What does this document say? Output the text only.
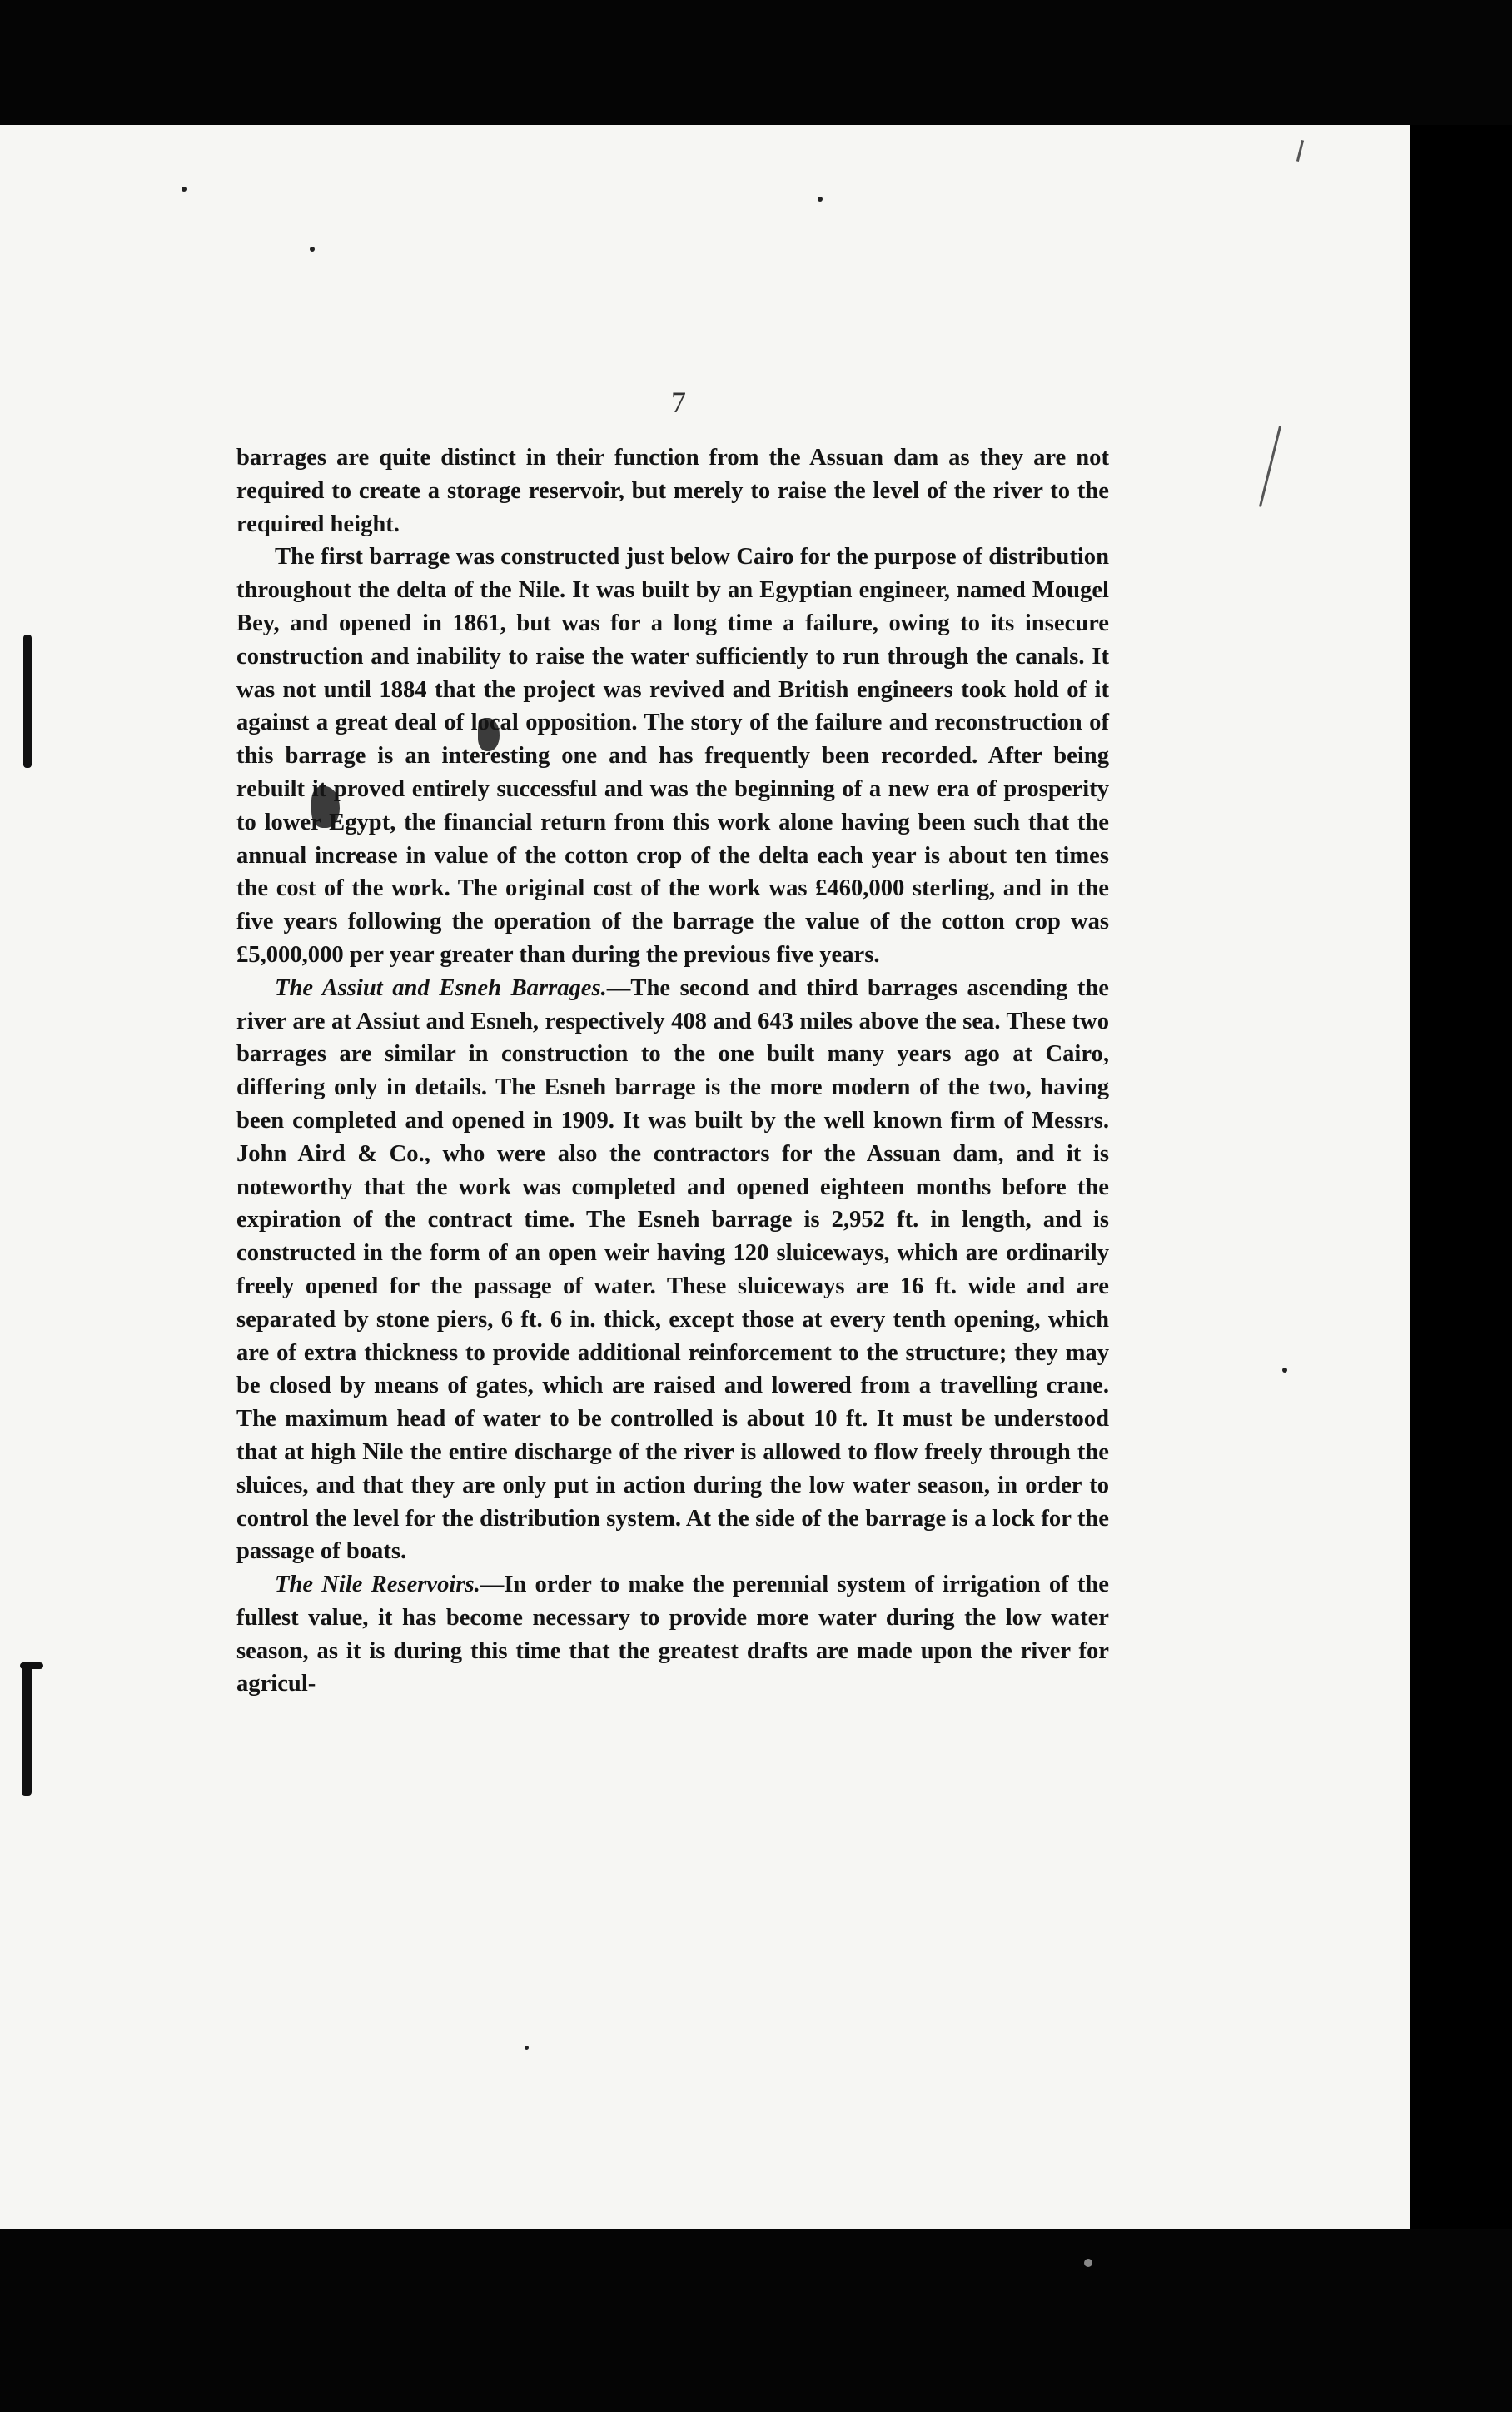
7

barrages are quite distinct in their function from the Assuan dam as they are not required to create a storage reservoir, but merely to raise the level of the river to the required height.

The first barrage was constructed just below Cairo for the purpose of distribution throughout the delta of the Nile. It was built by an Egyptian engineer, named Mougel Bey, and opened in 1861, but was for a long time a failure, owing to its insecure construction and inability to raise the water sufficiently to run through the canals. It was not until 1884 that the project was revived and British engineers took hold of it against a great deal of local opposition. The story of the failure and reconstruction of this barrage is an interesting one and has frequently been recorded. After being rebuilt it proved entirely successful and was the beginning of a new era of prosperity to lower Egypt, the financial return from this work alone having been such that the annual increase in value of the cotton crop of the delta each year is about ten times the cost of the work. The original cost of the work was £460,000 sterling, and in the five years following the operation of the barrage the value of the cotton crop was £5,000,000 per year greater than during the previous five years.

The Assiut and Esneh Barrages.—The second and third barrages ascending the river are at Assiut and Esneh, respectively 408 and 643 miles above the sea. These two barrages are similar in construction to the one built many years ago at Cairo, differing only in details. The Esneh barrage is the more modern of the two, having been completed and opened in 1909. It was built by the well known firm of Messrs. John Aird & Co., who were also the contractors for the Assuan dam, and it is noteworthy that the work was completed and opened eighteen months before the expiration of the contract time. The Esneh barrage is 2,952 ft. in length, and is constructed in the form of an open weir having 120 sluiceways, which are ordinarily freely opened for the passage of water. These sluiceways are 16 ft. wide and are separated by stone piers, 6 ft. 6 in. thick, except those at every tenth opening, which are of extra thickness to provide additional reinforcement to the structure; they may be closed by means of gates, which are raised and lowered from a travelling crane. The maximum head of water to be controlled is about 10 ft. It must be understood that at high Nile the entire discharge of the river is allowed to flow freely through the sluices, and that they are only put in action during the low water season, in order to control the level for the distribution system. At the side of the barrage is a lock for the passage of boats.

The Nile Reservoirs.—In order to make the perennial system of irrigation of the fullest value, it has become necessary to provide more water during the low water season, as it is during this time that the greatest drafts are made upon the river for agricul-
